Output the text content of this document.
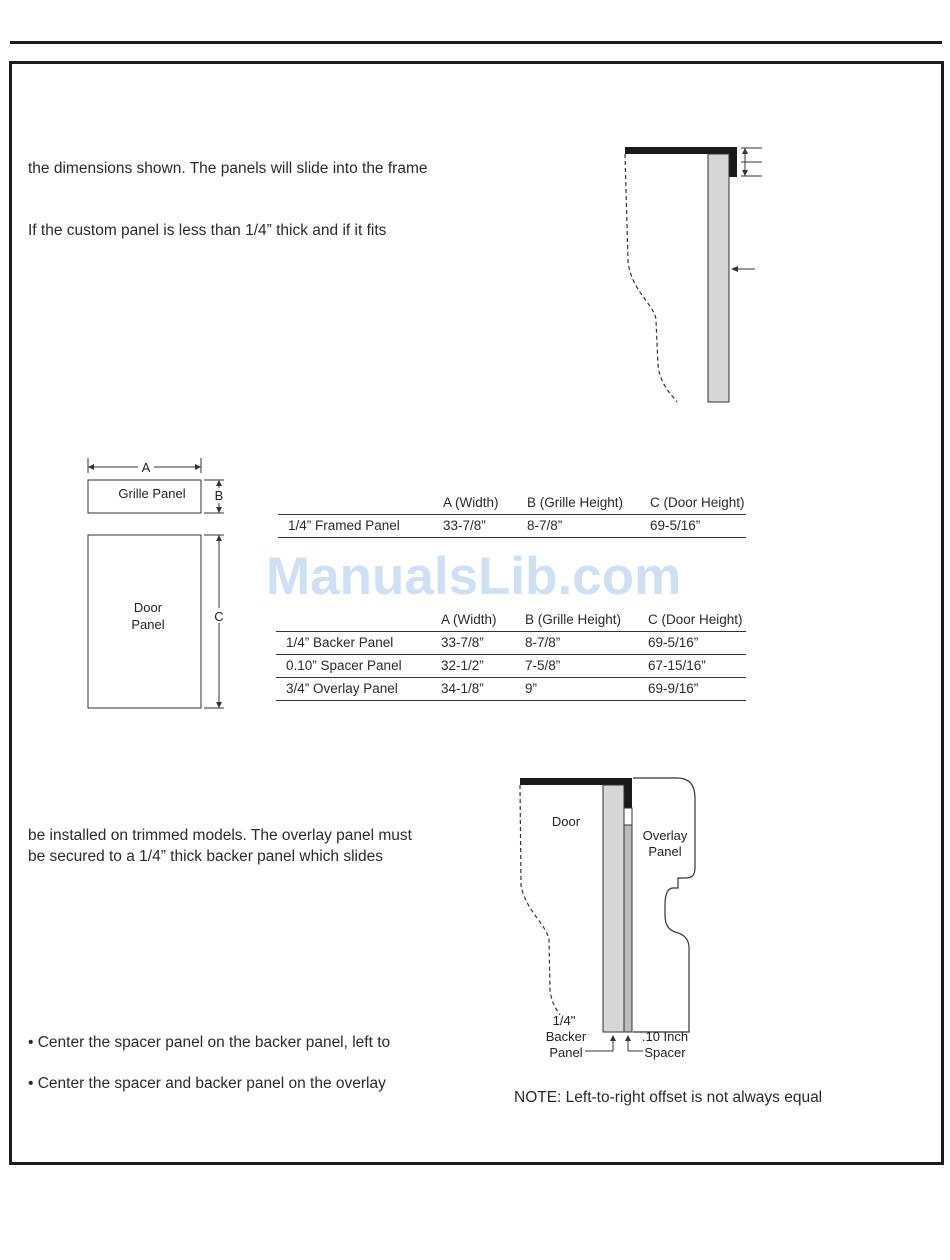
the dimensions shown. The panels will slide into the frame
If the custom panel is less than 1/4” thick and if it fits
be installed on trimmed models. The overlay panel must
be secured to a 1/4” thick backer panel which slides
• Center the spacer panel on the backer panel, left to
• Center the spacer and backer panel on the overlay
NOTE: Left-to-right offset is not always equal
A
Grille Panel B
Door
Panel
C
A (Width) B (Grille Height) C (Door Height)
1/4” Framed Panel	33-7/8”	8-7/8”	69-5/16”
ManualsLib.com
A (Width) B (Grille Height) C (Door Height)
1/4” Backer Panel	33-7/8”	8-7/8”	69-5/16”
0.10” Spacer Panel	32-1/2”	7-5/8”	67-15/16”
3/4” Overlay Panel	34-1/8”	9”	69-9/16”
Door
Overlay
Panel
1/4"
Backer
Panel
.10 Inch
Spacer
